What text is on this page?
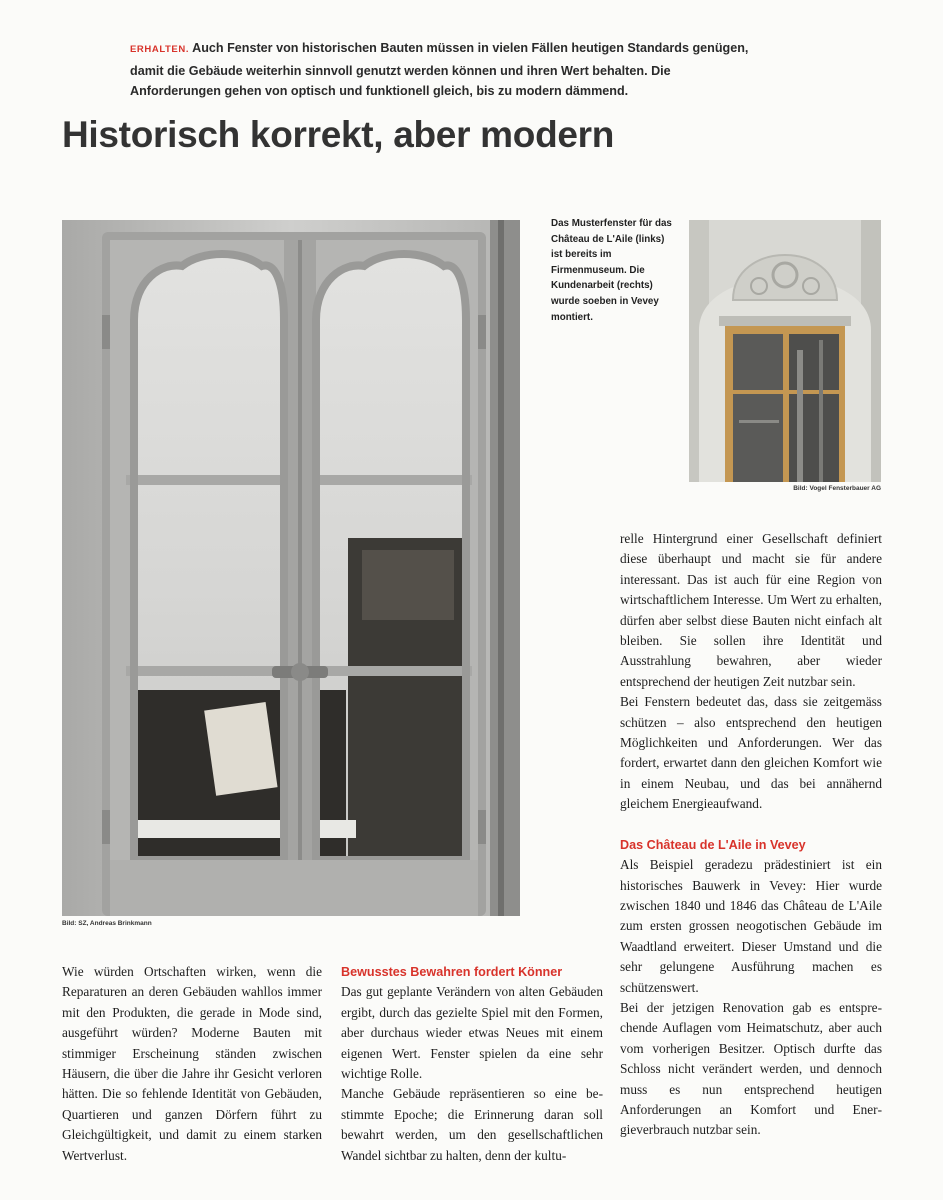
ERHALTEN. Auch Fenster von historischen Bauten müssen in vielen Fällen heutigen Standards genügen, damit die Gebäude weiterhin sinnvoll genutzt werden können und ihren Wert behalten. Die Anforderungen gehen von optisch und funktionell gleich, bis zu modern dämmend.
Historisch korrekt, aber modern
Bild: SZ, Andreas Brinkmann
Das Musterfenster für das Château de L'Aile (links) ist bereits im Firmenmuseum. Die Kundenarbeit (rechts) wurde soeben in Vevey montiert.
Bild: Vogel Fensterbauer AG

Wie würden Ortschaften wirken, wenn die Reparaturen an deren Gebäuden wahllos immer mit den Produkten, die gerade in Mode sind, ausgeführt würden? Moderne Bauten mit stimmiger Erscheinung ständen zwischen Häusern, die über die Jahre ihr Gesicht verloren hätten. Die so fehlende Identität von Gebäuden, Quartieren und ganzen Dörfern führt zu Gleichgültigkeit, und damit zu einem starken Wertverlust.

Bewusstes Bewahren fordert Könner

Das gut geplante Verändern von alten Gebäuden ergibt, durch das gezielte Spiel mit den Formen, aber durchaus wieder etwas Neues mit einem eigenen Wert. Fenster spielen da eine sehr wichtige Rolle.

Manche Gebäude repräsentieren so eine bestimmte Epoche; die Erinnerung daran soll bewahrt werden, um den gesellschaftlichen Wandel sichtbar zu halten, denn der kultu-

relle Hintergrund einer Gesellschaft definiert diese überhaupt und macht sie für andere interessant. Das ist auch für eine Region von wirtschaftlichem Interesse. Um Wert zu erhalten, dürfen aber selbst diese Bauten nicht einfach alt bleiben. Sie sollen ihre Identität und Ausstrahlung bewahren, aber wieder entsprechend der heutigen Zeit nutzbar sein.

Bei Fenstern bedeutet das, dass sie zeitgemäss schützen – also entsprechend den heutigen Möglichkeiten und Anforderungen. Wer das fordert, erwartet dann den gleichen Komfort wie in einem Neubau, und das bei annähernd gleichem Energieaufwand.

Das Château de L'Aile in Vevey

Als Beispiel geradezu prädestiniert ist ein historisches Bauwerk in Vevey: Hier wurde zwischen 1840 und 1846 das Château de L'Aile zum ersten grossen neogotischen Gebäude im Waadtland erweitert. Dieser Umstand und die sehr gelungene Ausführung machen es schützenswert.

Bei der jetzigen Renovation gab es entsprechende Auflagen vom Heimatschutz, aber auch vom vorherigen Besitzer. Optisch durfte das Schloss nicht verändert werden, und dennoch muss es nun entsprechend heutigen Anforderungen an Komfort und Energieverbrauch nutzbar sein.
